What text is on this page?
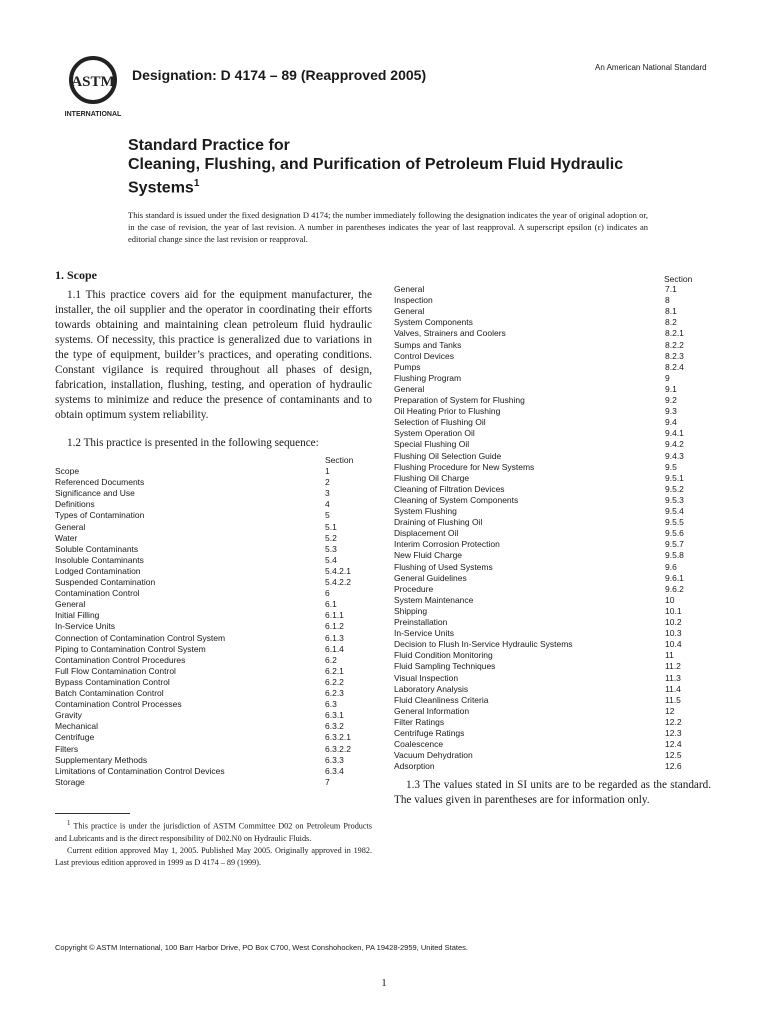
ASTM
INTERNATIONAL
Designation: D 4174 – 89 (Reapproved 2005)	An American National Standard
Standard Practice for
Cleaning, Flushing, and Purification of Petroleum Fluid Hydraulic Systems$^1$
This standard is issued under the fixed designation D 4174; the number immediately following the designation indicates the year of original adoption or, in the case of revision, the year of last revision. A number in parentheses indicates the year of last reapproval. A superscript epsilon (ε) indicates an editorial change since the last revision or reapproval.
1. Scope
1.1 This practice covers aid for the equipment manufacturer, the installer, the oil supplier and the operator in coordinating their efforts towards obtaining and maintaining clean petroleum fluid hydraulic systems. Of necessity, this practice is generalized due to variations in the type of equipment, builder’s practices, and operating conditions. Constant vigilance is required throughout all phases of design, fabrication, installation, flushing, testing, and operation of hydraulic systems to minimize and reduce the presence of contaminants and to obtain optimum system reliability.
1.2 This practice is presented in the following sequence:
Section
Scope	1
Referenced Documents	2
Significance and Use	3
Definitions	4
Types of Contamination	5
General	5.1
Water	5.2
Soluble Contaminants	5.3
Insoluble Contaminants	5.4
Lodged Contamination	5.4.2.1
Suspended Contamination	5.4.2.2
Contamination Control	6
General	6.1
Initial Filling	6.1.1
In-Service Units	6.1.2
Connection of Contamination Control System	6.1.3
Piping to Contamination Control System	6.1.4
Contamination Control Procedures	6.2
Full Flow Contamination Control	6.2.1
Bypass Contamination Control	6.2.2
Batch Contamination Control	6.2.3
Contamination Control Processes	6.3
Gravity	6.3.1
Mechanical	6.3.2
Centrifuge	6.3.2.1
Filters	6.3.2.2
Supplementary Methods	6.3.3
Limitations of Contamination Control Devices	6.3.4
Storage	7
Section
General	7.1
Inspection	8
General	8.1
System Components	8.2
Valves, Strainers and Coolers	8.2.1
Sumps and Tanks	8.2.2
Control Devices	8.2.3
Pumps	8.2.4
Flushing Program	9
General	9.1
Preparation of System for Flushing	9.2
Oil Heating Prior to Flushing	9.3
Selection of Flushing Oil	9.4
System Operation Oil	9.4.1
Special Flushing Oil	9.4.2
Flushing Oil Selection Guide	9.4.3
Flushing Procedure for New Systems	9.5
Flushing Oil Charge	9.5.1
Cleaning of Filtration Devices	9.5.2
Cleaning of System Components	9.5.3
System Flushing	9.5.4
Draining of Flushing Oil	9.5.5
Displacement Oil	9.5.6
Interim Corrosion Protection	9.5.7
New Fluid Charge	9.5.8
Flushing of Used Systems	9.6
General Guidelines	9.6.1
Procedure	9.6.2
System Maintenance	10
Shipping	10.1
Preinstallation	10.2
In-Service Units	10.3
Decision to Flush In-Service Hydraulic Systems	10.4
Fluid Condition Monitoring	11
Fluid Sampling Techniques	11.2
Visual Inspection	11.3
Laboratory Analysis	11.4
Fluid Cleanliness Criteria	11.5
General Information	12
Filter Ratings	12.2
Centrifuge Ratings	12.3
Coalescence	12.4
Vacuum Dehydration	12.5
Adsorption	12.6
1.3 The values stated in SI units are to be regarded as the standard. The values given in parentheses are for information only.

$^1$ This practice is under the jurisdiction of ASTM Committee D02 on Petroleum Products and Lubricants and is the direct responsibility of D02.N0 on Hydraulic Fluids.

Current edition approved May 1, 2005. Published May 2005. Originally approved in 1982. Last previous edition approved in 1999 as D 4174 – 89 (1999).

Copyright © ASTM International, 100 Barr Harbor Drive, PO Box C700, West Conshohocken, PA 19428-2959, United States.
1
